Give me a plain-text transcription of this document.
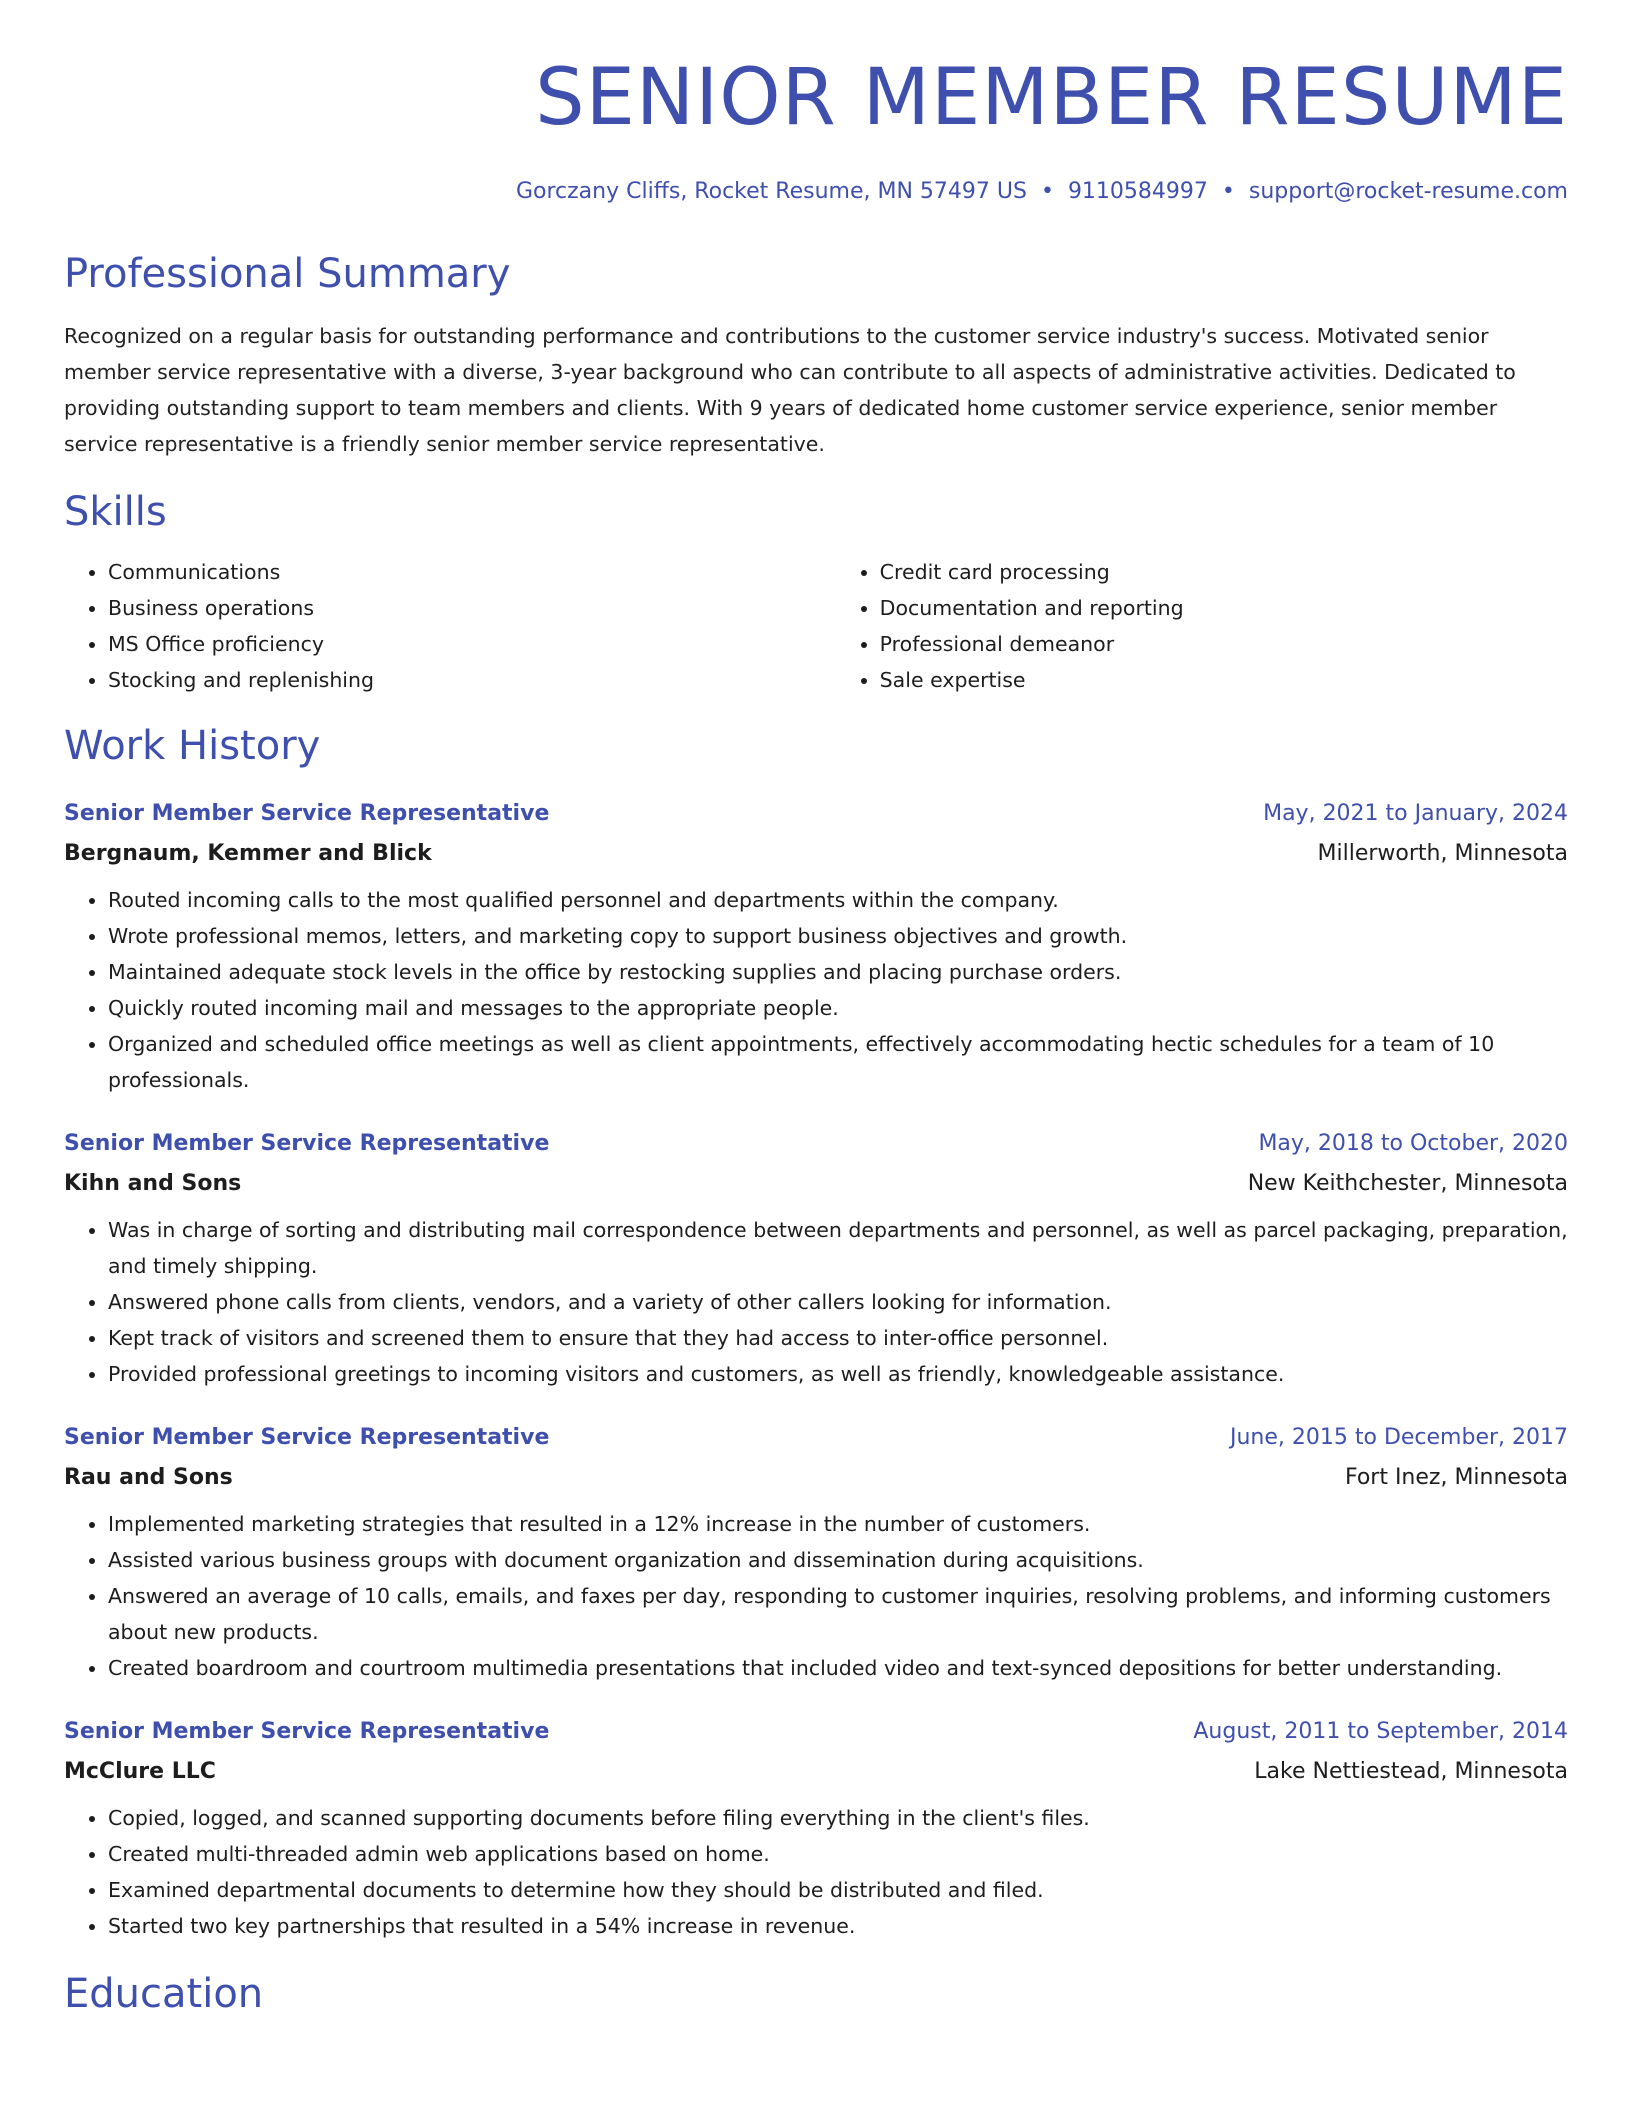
SENIOR MEMBER RESUME
Gorczany Cliffs, Rocket Resume, MN 57497 US • 9110584997 • support@rocket-resume.com
Professional Summary
Recognized on a regular basis for outstanding performance and contributions to the customer service industry's success. Motivated senior member service representative with a diverse, 3-year background who can contribute to all aspects of administrative activities. Dedicated to providing outstanding support to team members and clients. With 9 years of dedicated home customer service experience, senior member service representative is a friendly senior member service representative.
Skills
• Communications
• Business operations
• MS Office proficiency
• Stocking and replenishing
• Credit card processing
• Documentation and reporting
• Professional demeanor
• Sale expertise
Work History
Senior Member Service Representative	May, 2021 to January, 2024
Bergnaum, Kemmer and Blick	Millerworth, Minnesota
• Routed incoming calls to the most qualified personnel and departments within the company.
• Wrote professional memos, letters, and marketing copy to support business objectives and growth.
• Maintained adequate stock levels in the office by restocking supplies and placing purchase orders.
• Quickly routed incoming mail and messages to the appropriate people.
• Organized and scheduled office meetings as well as client appointments, effectively accommodating hectic schedules for a team of 10 professionals.
Senior Member Service Representative	May, 2018 to October, 2020
Kihn and Sons	New Keithchester, Minnesota
• Was in charge of sorting and distributing mail correspondence between departments and personnel, as well as parcel packaging, preparation, and timely shipping.
• Answered phone calls from clients, vendors, and a variety of other callers looking for information.
• Kept track of visitors and screened them to ensure that they had access to inter-office personnel.
• Provided professional greetings to incoming visitors and customers, as well as friendly, knowledgeable assistance.
Senior Member Service Representative	June, 2015 to December, 2017
Rau and Sons	Fort Inez, Minnesota
• Implemented marketing strategies that resulted in a 12% increase in the number of customers.
• Assisted various business groups with document organization and dissemination during acquisitions.
• Answered an average of 10 calls, emails, and faxes per day, responding to customer inquiries, resolving problems, and informing customers about new products.
• Created boardroom and courtroom multimedia presentations that included video and text-synced depositions for better understanding.
Senior Member Service Representative	August, 2011 to September, 2014
McClure LLC	Lake Nettiestead, Minnesota
• Copied, logged, and scanned supporting documents before filing everything in the client's files.
• Created multi-threaded admin web applications based on home.
• Examined departmental documents to determine how they should be distributed and filed.
• Started two key partnerships that resulted in a 54% increase in revenue.
Education
